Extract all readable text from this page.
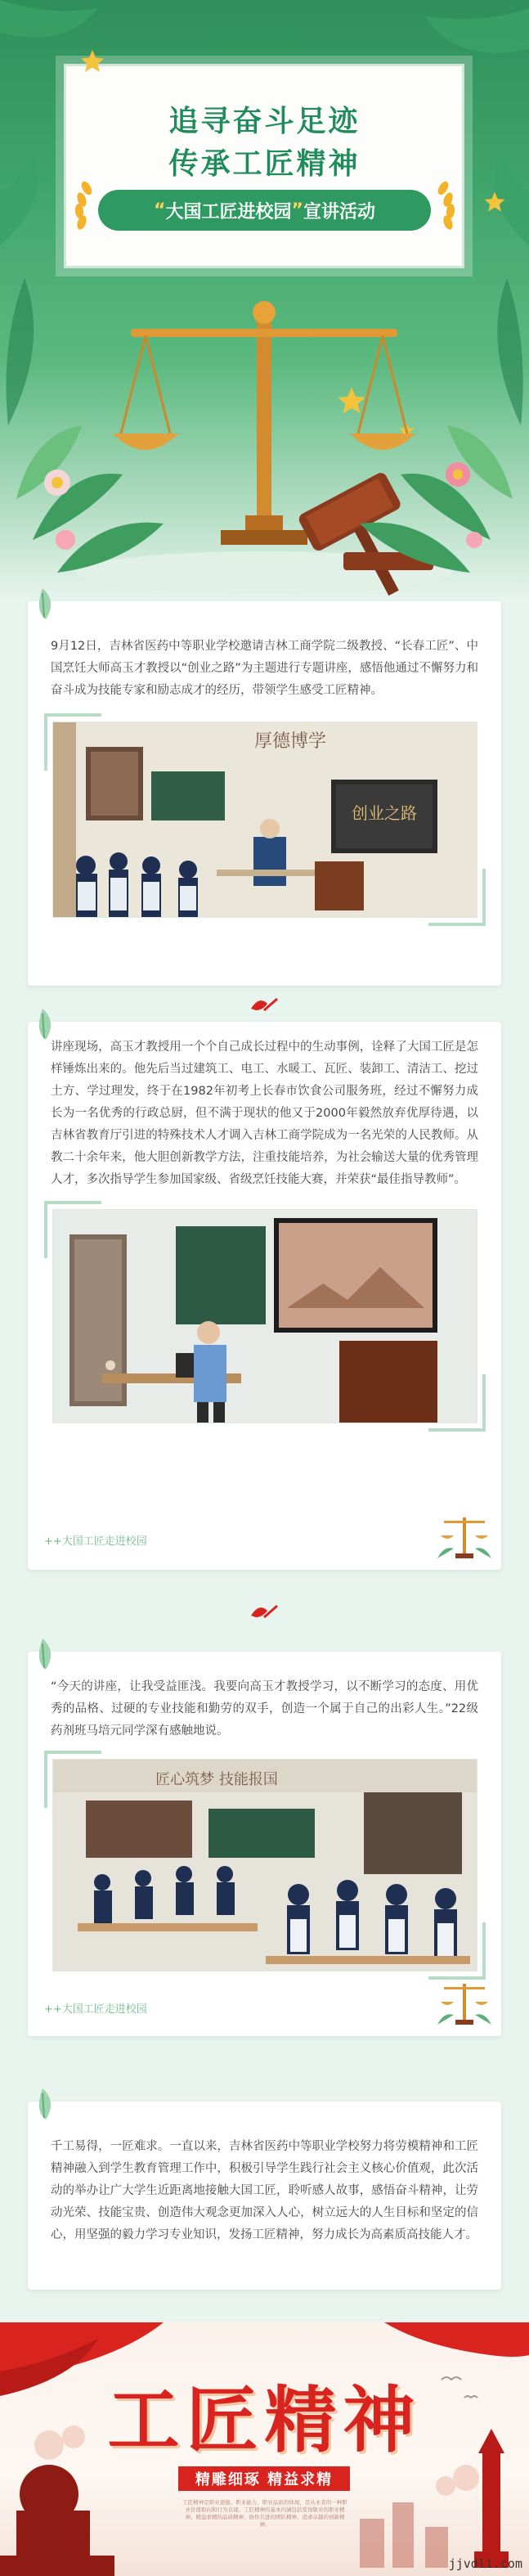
追寻奋斗足迹
传承工匠精神
“ 大国工匠进校园 ” 宣讲活动

9月12日，吉林省医药中等职业学校邀请吉林工商学院二级教授、“长春工匠”、中国烹饪大师高玉才教授以“创业之路”为主题进行专题讲座，感悟他通过不懈努力和奋斗成为技能专家和励志成才的经历，带领学生感受工匠精神。

创业之路
厚德博学

讲座现场，高玉才教授用一个个自己成长过程中的生动事例，诠释了大国工匠是怎样锤炼出来的。他先后当过建筑工、电工、水暖工、瓦匠、装卸工、清洁工、挖过土方、学过理发，终于在1982年初考上长春市饮食公司服务班，经过不懈努力成长为一名优秀的行政总厨，但不满于现状的他又于2000年毅然放弃优厚待遇，以吉林省教育厅引进的特殊技术人才调入吉林工商学院成为一名光荣的人民教师。从教二十余年来，他大胆创新教学方法，注重技能培养，为社会输送大量的优秀管理人才，多次指导学生参加国家级、省级烹饪技能大赛，并荣获“最佳指导教师”。

++大国工匠走进校园

“今天的讲座，让我受益匪浅。我要向高玉才教授学习，以不断学习的态度、用优秀的品格、过硬的专业技能和勤劳的双手，创造一个属于自己的出彩人生。”22级药剂班马培元同学深有感触地说。

匠心筑梦 技能报国
++大国工匠走进校园

千工易得，一匠难求。一直以来，吉林省医药中等职业学校努力将劳模精神和工匠精神融入到学生教育管理工作中，积极引导学生践行社会主义核心价值观，此次活动的举办让广大学生近距离地接触大国工匠，聆听感人故事，感悟奋斗精神，让劳动光荣、技能宝贵、创造伟大观念更加深入人心，树立远大的人生目标和坚定的信心，用坚强的毅力学习专业知识，发扬工匠精神，努力成长为高素质高技能人才。

工匠精神
精雕细琢 精益求精
工匠精神是职业道德、职业能力、职业品质的体现，是从业者的一种职业价值取向和行为表现。工匠精神的基本内涵包括爱岗敬业的职业精神、精益求精的品质精神、协作共进的团队精神、追求卓越的创新精神。
jjvdli.com
